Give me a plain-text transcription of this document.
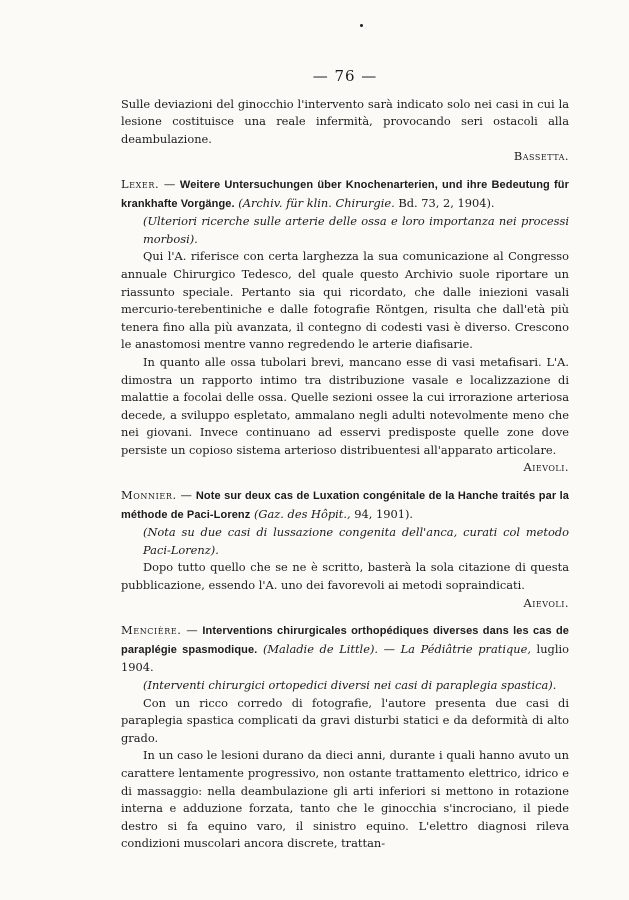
— 76 —

Sulle deviazioni del ginocchio l'intervento sarà indicato solo nei casi in cui la lesione costituisce una reale infermità, provocando seri ostacoli alla deambulazione.

Bassetta.

Lexer. — Weitere Untersuchungen über Knochenarterien, und ihre Bedeutung für krankhafte Vorgänge. (Archiv. für klin. Chirurgie. Bd. 73, 2, 1904).

(Ulteriori ricerche sulle arterie delle ossa e loro importanza nei processi morbosi).

Qui l'A. riferisce con certa larghezza la sua comunicazione al Congresso annuale Chirurgico Tedesco, del quale questo Archivio suole riportare un riassunto speciale. Pertanto sia qui ricordato, che dalle iniezioni vasali mercurio-terebentiniche e dalle fotografie Röntgen, risulta che dall'età più tenera fino alla più avanzata, il contegno di codesti vasi è diverso. Crescono le anastomosi mentre vanno regredendo le arterie diafisarie.

In quanto alle ossa tubolari brevi, mancano esse di vasi metafisari. L'A. dimostra un rapporto intimo tra distribuzione vasale e localizzazione di malattie a focolai delle ossa. Quelle sezioni ossee la cui irrorazione arteriosa decede, a sviluppo espletato, ammalano negli adulti notevolmente meno che nei giovani. Invece continuano ad esservi predisposte quelle zone dove persiste un copioso sistema arterioso distribuentesi all'apparato articolare.

Aievoli.

Monnier. — Note sur deux cas de Luxation congénitale de la Hanche traités par la méthode de Paci-Lorenz (Gaz. des Hôpit., 94, 1901).

(Nota su due casi di lussazione congenita dell'anca, curati col metodo Paci-Lorenz).

Dopo tutto quello che se ne è scritto, basterà la sola citazione di questa pubblicazione, essendo l'A. uno dei favorevoli ai metodi sopraindicati.

Aievoli.

Mencière. — Interventions chirurgicales orthopédiques diverses dans les cas de paraplégie spasmodique. (Maladie de Little). — La Pédiâtrie pratique, luglio 1904.

(Interventi chirurgici ortopedici diversi nei casi di paraplegia spastica).

Con un ricco corredo di fotografie, l'autore presenta due casi di paraplegia spastica complicati da gravi disturbi statici e da deformità di alto grado.

In un caso le lesioni durano da dieci anni, durante i quali hanno avuto un carattere lentamente progressivo, non ostante trattamento elettrico, idrico e di massaggio: nella deambulazione gli arti inferiori si mettono in rotazione interna e adduzione forzata, tanto che le ginocchia s'incrociano, il piede destro si fa equino varo, il sinistro equino. L'elettro diagnosi rileva condizioni muscolari ancora discrete, trattan-
